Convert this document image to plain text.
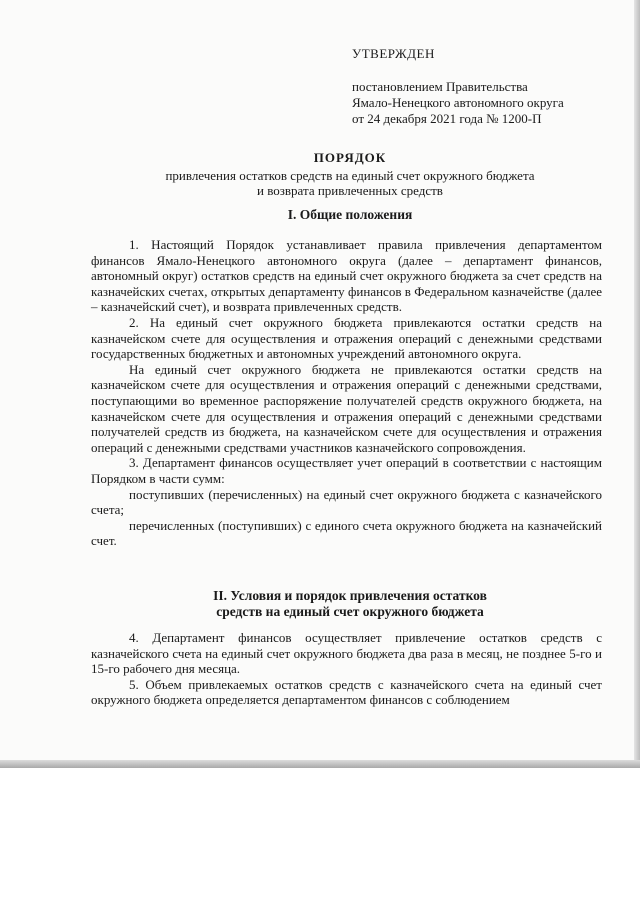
УТВЕРЖДЕН
постановлением Правительства
Ямало-Ненецкого автономного округа
от 24 декабря 2021 года № 1200-П
ПОРЯДОК
привлечения остатков средств на единый счет окружного бюджета
и возврата привлеченных средств
I. Общие положения

1. Настоящий Порядок устанавливает правила привлечения департаментом финансов Ямало-Ненецкого автономного округа (далее – департамент финансов, автономный округ) остатков средств на единый счет окружного бюджета за счет средств на казначейских счетах, открытых департаменту финансов в Федеральном казначействе (далее – казначейский счет), и возврата привлеченных средств.

2. На единый счет окружного бюджета привлекаются остатки средств на казначейском счете для осуществления и отражения операций с денежными средствами государственных бюджетных и автономных учреждений автономного округа.

На единый счет окружного бюджета не привлекаются остатки средств на казначейском счете для осуществления и отражения операций с денежными средствами, поступающими во временное распоряжение получателей средств окружного бюджета, на казначейском счете для осуществления и отражения операций с денежными средствами получателей средств из бюджета, на казначейском счете для осуществления и отражения операций с денежными средствами участников казначейского сопровождения.

3. Департамент финансов осуществляет учет операций в соответствии с настоящим Порядком в части сумм:

поступивших (перечисленных) на единый счет окружного бюджета с казначейского счета;

перечисленных (поступивших) с единого счета окружного бюджета на казначейский счет.

II. Условия и порядок привлечения остатков
средств на единый счет окружного бюджета

4. Департамент финансов осуществляет привлечение остатков средств с казначейского счета на единый счет окружного бюджета два раза в месяц, не позднее 5-го и 15-го рабочего дня месяца.

5. Объем привлекаемых остатков средств с казначейского счета на единый счет окружного бюджета определяется департаментом финансов с соблюдением
